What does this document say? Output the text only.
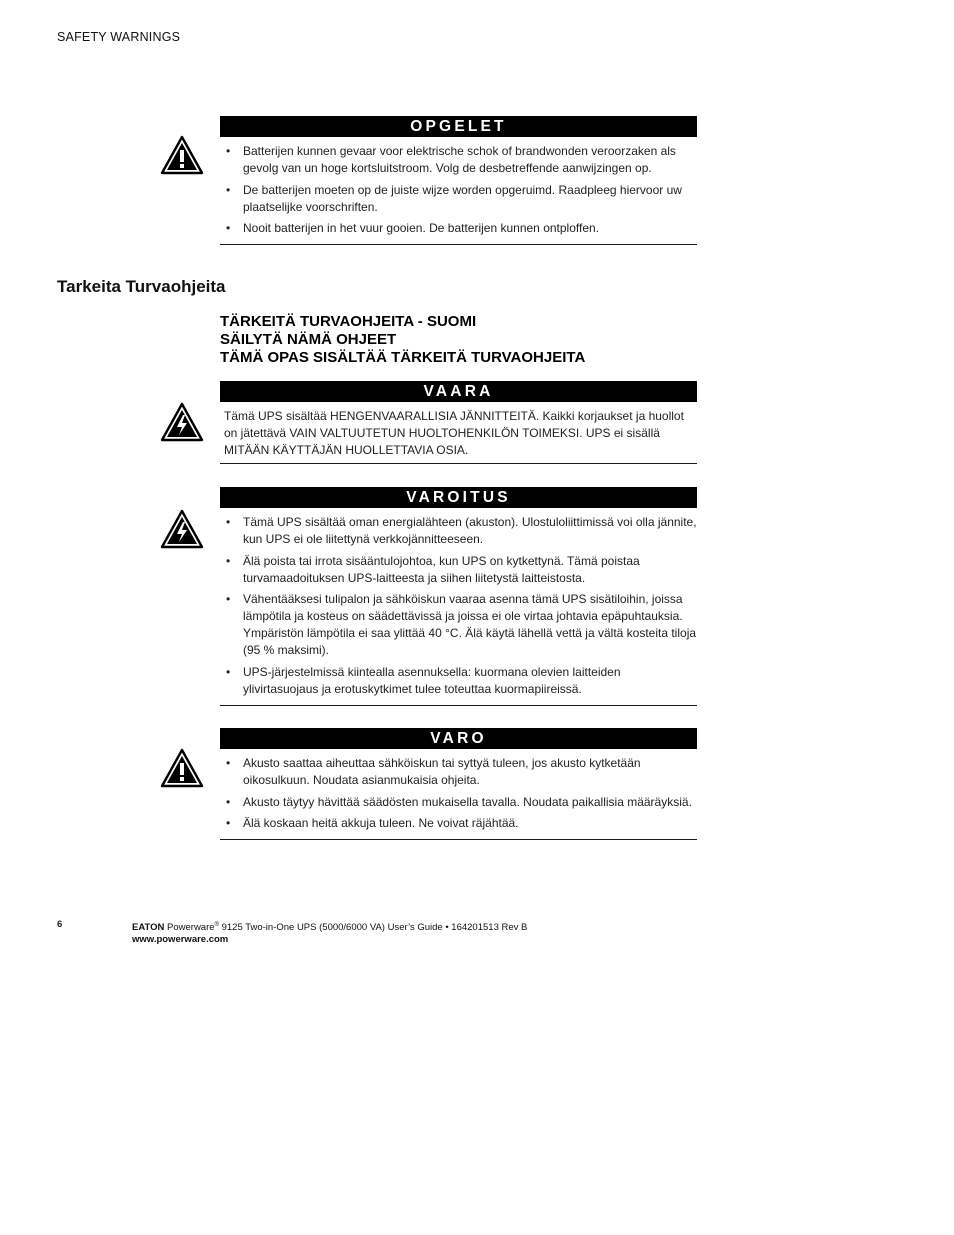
SAFETY WARNINGS
OPGELET
• Batterijen kunnen gevaar voor elektrische schok of brandwonden veroorzaken als gevolg van un hoge kortsluitstroom. Volg de desbetreffende aanwijzingen op.
• De batterijen moeten op de juiste wijze worden opgeruimd. Raadpleeg hiervoor uw plaatselijke voorschriften.
• Nooit batterijen in het vuur gooien. De batterijen kunnen ontploffen.
Tarkeita Turvaohjeita
TÄRKEITÄ TURVAOHJEITA - SUOMI
SÄILYTÄ NÄMÄ OHJEET
TÄMÄ OPAS SISÄLTÄÄ TÄRKEITÄ TURVAOHJEITA
VAARA

Tämä UPS sisältää HENGENVAARALLISIA JÄNNITTEITÄ. Kaikki korjaukset ja huollot on jätettävä VAIN VALTUUTETUN HUOLTOHENKILÖN TOIMEKSI. UPS ei sisällä MITÄÄN KÄYTTÄJÄN HUOLLETTAVIA OSIA.

VAROITUS
• Tämä UPS sisältää oman energialähteen (akuston). Ulostuloliittimissä voi olla jännite, kun UPS ei ole liitettynä verkkojännitteeseen.
• Älä poista tai irrota sisääntulojohtoa, kun UPS on kytkettynä. Tämä poistaa turvamaadoituksen UPS-laitteesta ja siihen liitetystä laitteistosta.
• Vähentääksesi tulipalon ja sähköiskun vaaraa asenna tämä UPS sisätiloihin, joissa lämpötila ja kosteus on säädettävissä ja joissa ei ole virtaa johtavia epäpuhtauksia. Ympäristön lämpötila ei saa ylittää 40 °C. Älä käytä lähellä vettä ja vältä kosteita tiloja (95 % maksimi).
• UPS-järjestelmissä kiintealla asennuksella: kuormana olevien laitteiden ylivirtasuojaus ja erotuskytkimet tulee toteuttaa kuormapiireissä.
VARO
• Akusto saattaa aiheuttaa sähköiskun tai syttyä tuleen, jos akusto kytketään oikosulkuun. Noudata asianmukaisia ohjeita.
• Akusto täytyy hävittää säädösten mukaisella tavalla. Noudata paikallisia määräyksiä.
• Älä koskaan heitä akkuja tuleen. Ne voivat räjähtää.
6	EATON Powerware® 9125 Two-in-One UPS (5000/6000 VA) User’s Guide • 164201513 Rev B
www.powerware.com
